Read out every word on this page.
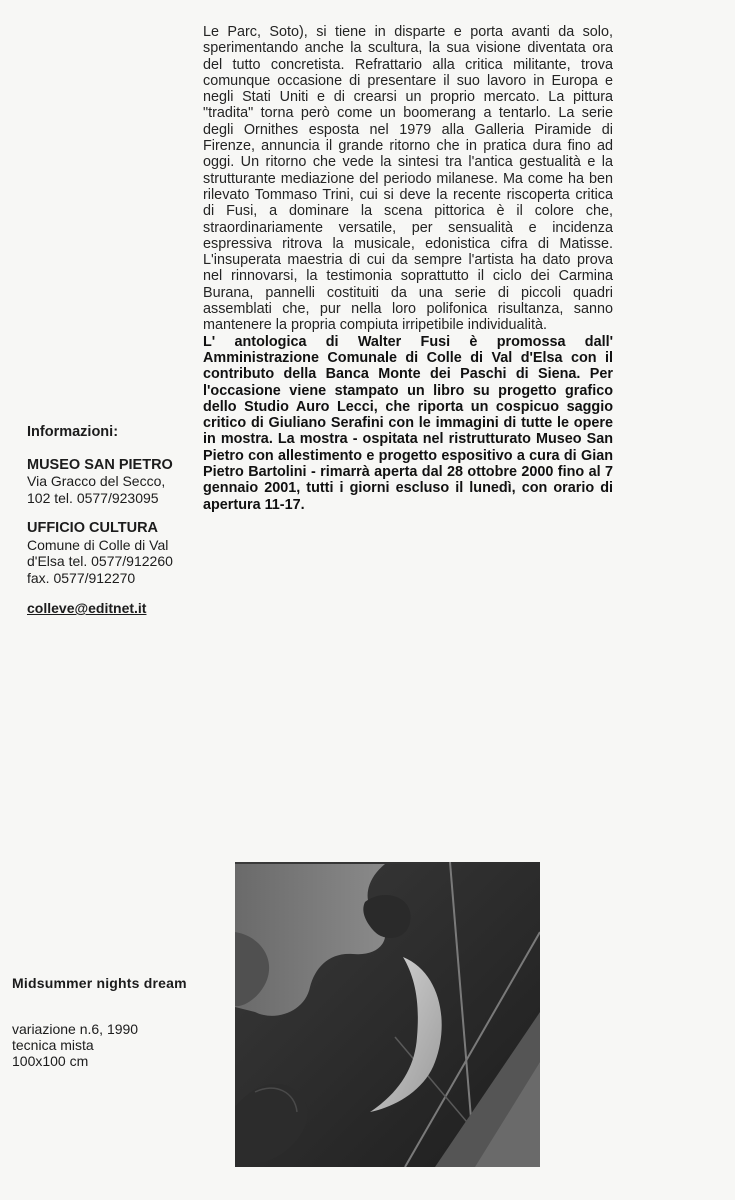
Le Parc, Soto), si tiene in disparte e porta avanti da solo, sperimentando anche la scultura, la sua visione diventata ora del tutto concretista. Refrattario alla critica militante, trova comunque occasione di presentare il suo lavoro in Europa e negli Stati Uniti e di crearsi un proprio mercato. La pittura "tradita" torna però come un boomerang a tentarlo. La serie degli Ornithes esposta nel 1979 alla Galleria Piramide di Firenze, annuncia il grande ritorno che in pratica dura fino ad oggi. Un ritorno che vede la sintesi tra l'antica gestualità e la strutturante mediazione del periodo milanese. Ma come ha ben rilevato Tommaso Trini, cui si deve la recente riscoperta critica di Fusi, a dominare la scena pittorica è il colore che, straordinariamente versatile, per sensualità e incidenza espressiva ritrova la musicale, edonistica cifra di Matisse. L'insuperata maestria di cui da sempre l'artista ha dato prova nel rinnovarsi, la testimonia soprattutto il ciclo dei Carmina Burana, pannelli costituiti da una serie di piccoli quadri assemblati che, pur nella loro polifonica risultanza, sanno mantenere la propria compiuta irripetibile individualità.

L' antologica di Walter Fusi è promossa dall' Amministrazione Comunale di Colle di Val d'Elsa con il contributo della Banca Monte dei Paschi di Siena. Per l'occasione viene stampato un libro su progetto grafico dello Studio Auro Lecci, che riporta un cospicuo saggio critico di Giuliano Serafini con le immagini di tutte le opere in mostra. La mostra - ospitata nel ristrutturato Museo San Pietro con allestimento e progetto espositivo a cura di Gian Pietro Bartolini - rimarrà aperta dal 28 ottobre 2000 fino al 7 gennaio 2001, tutti i giorni escluso il lunedì, con orario di apertura 11-17.

Informazioni:
MUSEO SAN PIETRO
Via Gracco del Secco,
102 tel. 0577/923095
UFFICIO CULTURA
Comune di Colle di Val
d'Elsa tel. 0577/912260
fax. 0577/912270
colleve@editnet.it
Midsummer nights dream
variazione n.6, 1990
tecnica mista
100x100 cm
